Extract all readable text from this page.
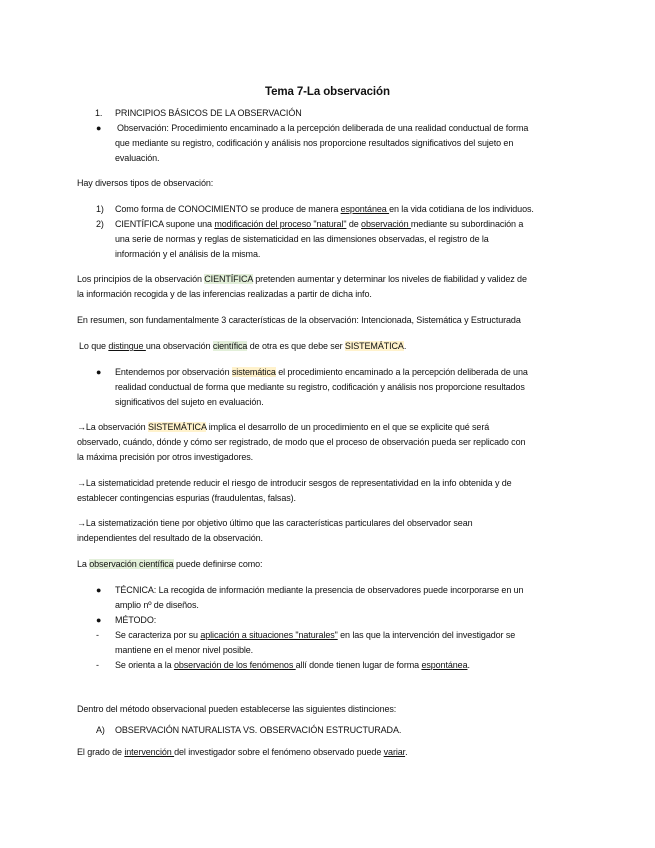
Tema 7-La observación
1. PRINCIPIOS BÁSICOS DE LA OBSERVACIÓN
● Observación: Procedimiento encaminado a la percepción deliberada de una realidad conductual de forma
que mediante su registro, codificación y análisis nos proporcione resultados significativos del sujeto en
evaluación.
Hay diversos tipos de observación:
1) Como forma de CONOCIMIENTO se produce de manera espontánea en la vida cotidiana de los individuos.
2) CIENTÍFICA supone una modificación del proceso "natural" de observación mediante su subordinación a
una serie de normas y reglas de sistematicidad en las dimensiones observadas, el registro de la
información y el análisis de la misma.
Los principios de la observación CIENTÍFICA pretenden aumentar y determinar los niveles de fiabilidad y validez de
la información recogida y de las inferencias realizadas a partir de dicha info.
En resumen, son fundamentalmente 3 características de la observación: Intencionada, Sistemática y Estructurada
Lo que distingue una observación científica de otra es que debe ser SISTEMÁTICA.
● Entendemos por observación sistemática el procedimiento encaminado a la percepción deliberada de una
realidad conductual de forma que mediante su registro, codificación y análisis nos proporcione resultados
significativos del sujeto en evaluación.
→La observación SISTEMÁTICA implica el desarrollo de un procedimiento en el que se explicite qué será
observado, cuándo, dónde y cómo ser registrado, de modo que el proceso de observación pueda ser replicado con
la máxima precisión por otros investigadores.
→La sistematicidad pretende reducir el riesgo de introducir sesgos de representatividad en la info obtenida y de
establecer contingencias espurias (fraudulentas, falsas).
→La sistematización tiene por objetivo último que las características particulares del observador sean
independientes del resultado de la observación.
La observación científica puede definirse como:
● TÉCNICA: La recogida de información mediante la presencia de observadores puede incorporarse en un
amplio nº de diseños.
● MÉTODO:
- Se caracteriza por su aplicación a situaciones "naturales" en las que la intervención del investigador se
mantiene en el menor nivel posible.
- Se orienta a la observación de los fenómenos allí donde tienen lugar de forma espontánea.
Dentro del método observacional pueden establecerse las siguientes distinciones:
A) OBSERVACIÓN NATURALISTA VS. OBSERVACIÓN ESTRUCTURADA.
El grado de intervención del investigador sobre el fenómeno observado puede variar.
